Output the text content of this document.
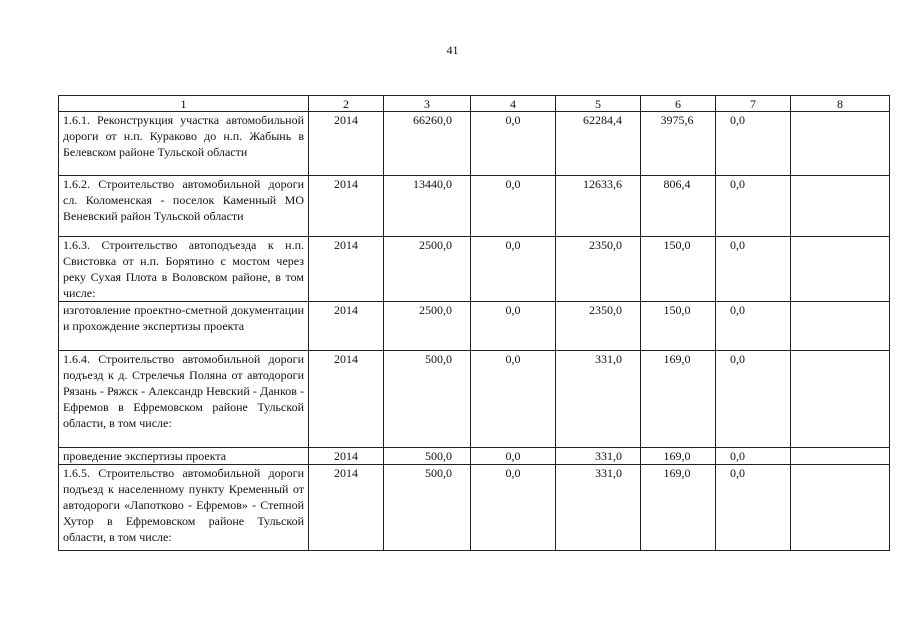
41
1	2	3	4	5	6	7	8
1.6.1. Реконструкция участка автомобильной дороги от н.п. Кураково до н.п. Жабынь в Белевском районе Тульской области	2014	66260,0	0,0	62284,4	3975,6	0,0	
1.6.2. Строительство автомобильной дороги сл. Коломенская - поселок Каменный МО Веневский район Тульской области	2014	13440,0	0,0	12633,6	806,4	0,0	
1.6.3. Строительство автоподъезда к н.п. Свистовка от н.п. Борятино с мостом через реку Сухая Плота в Воловском районе, в том числе:	2014	2500,0	0,0	2350,0	150,0	0,0	
изготовление проектно-сметной документации и прохождение экспертизы проекта	2014	2500,0	0,0	2350,0	150,0	0,0	
1.6.4. Строительство автомобильной дороги подъезд к д. Стрелечья Поляна от автодороги Рязань - Ряжск - Александр Невский - Данков - Ефремов в Ефремовском районе Тульской области, в том числе:	2014	500,0	0,0	331,0	169,0	0,0	
проведение экспертизы проекта	2014	500,0	0,0	331,0	169,0	0,0	
1.6.5. Строительство автомобильной дороги подъезд к населенному пункту Кременный от автодороги «Лапотково - Ефремов» - Степной Хутор в Ефремовском районе Тульской области, в том числе:	2014	500,0	0,0	331,0	169,0	0,0	
